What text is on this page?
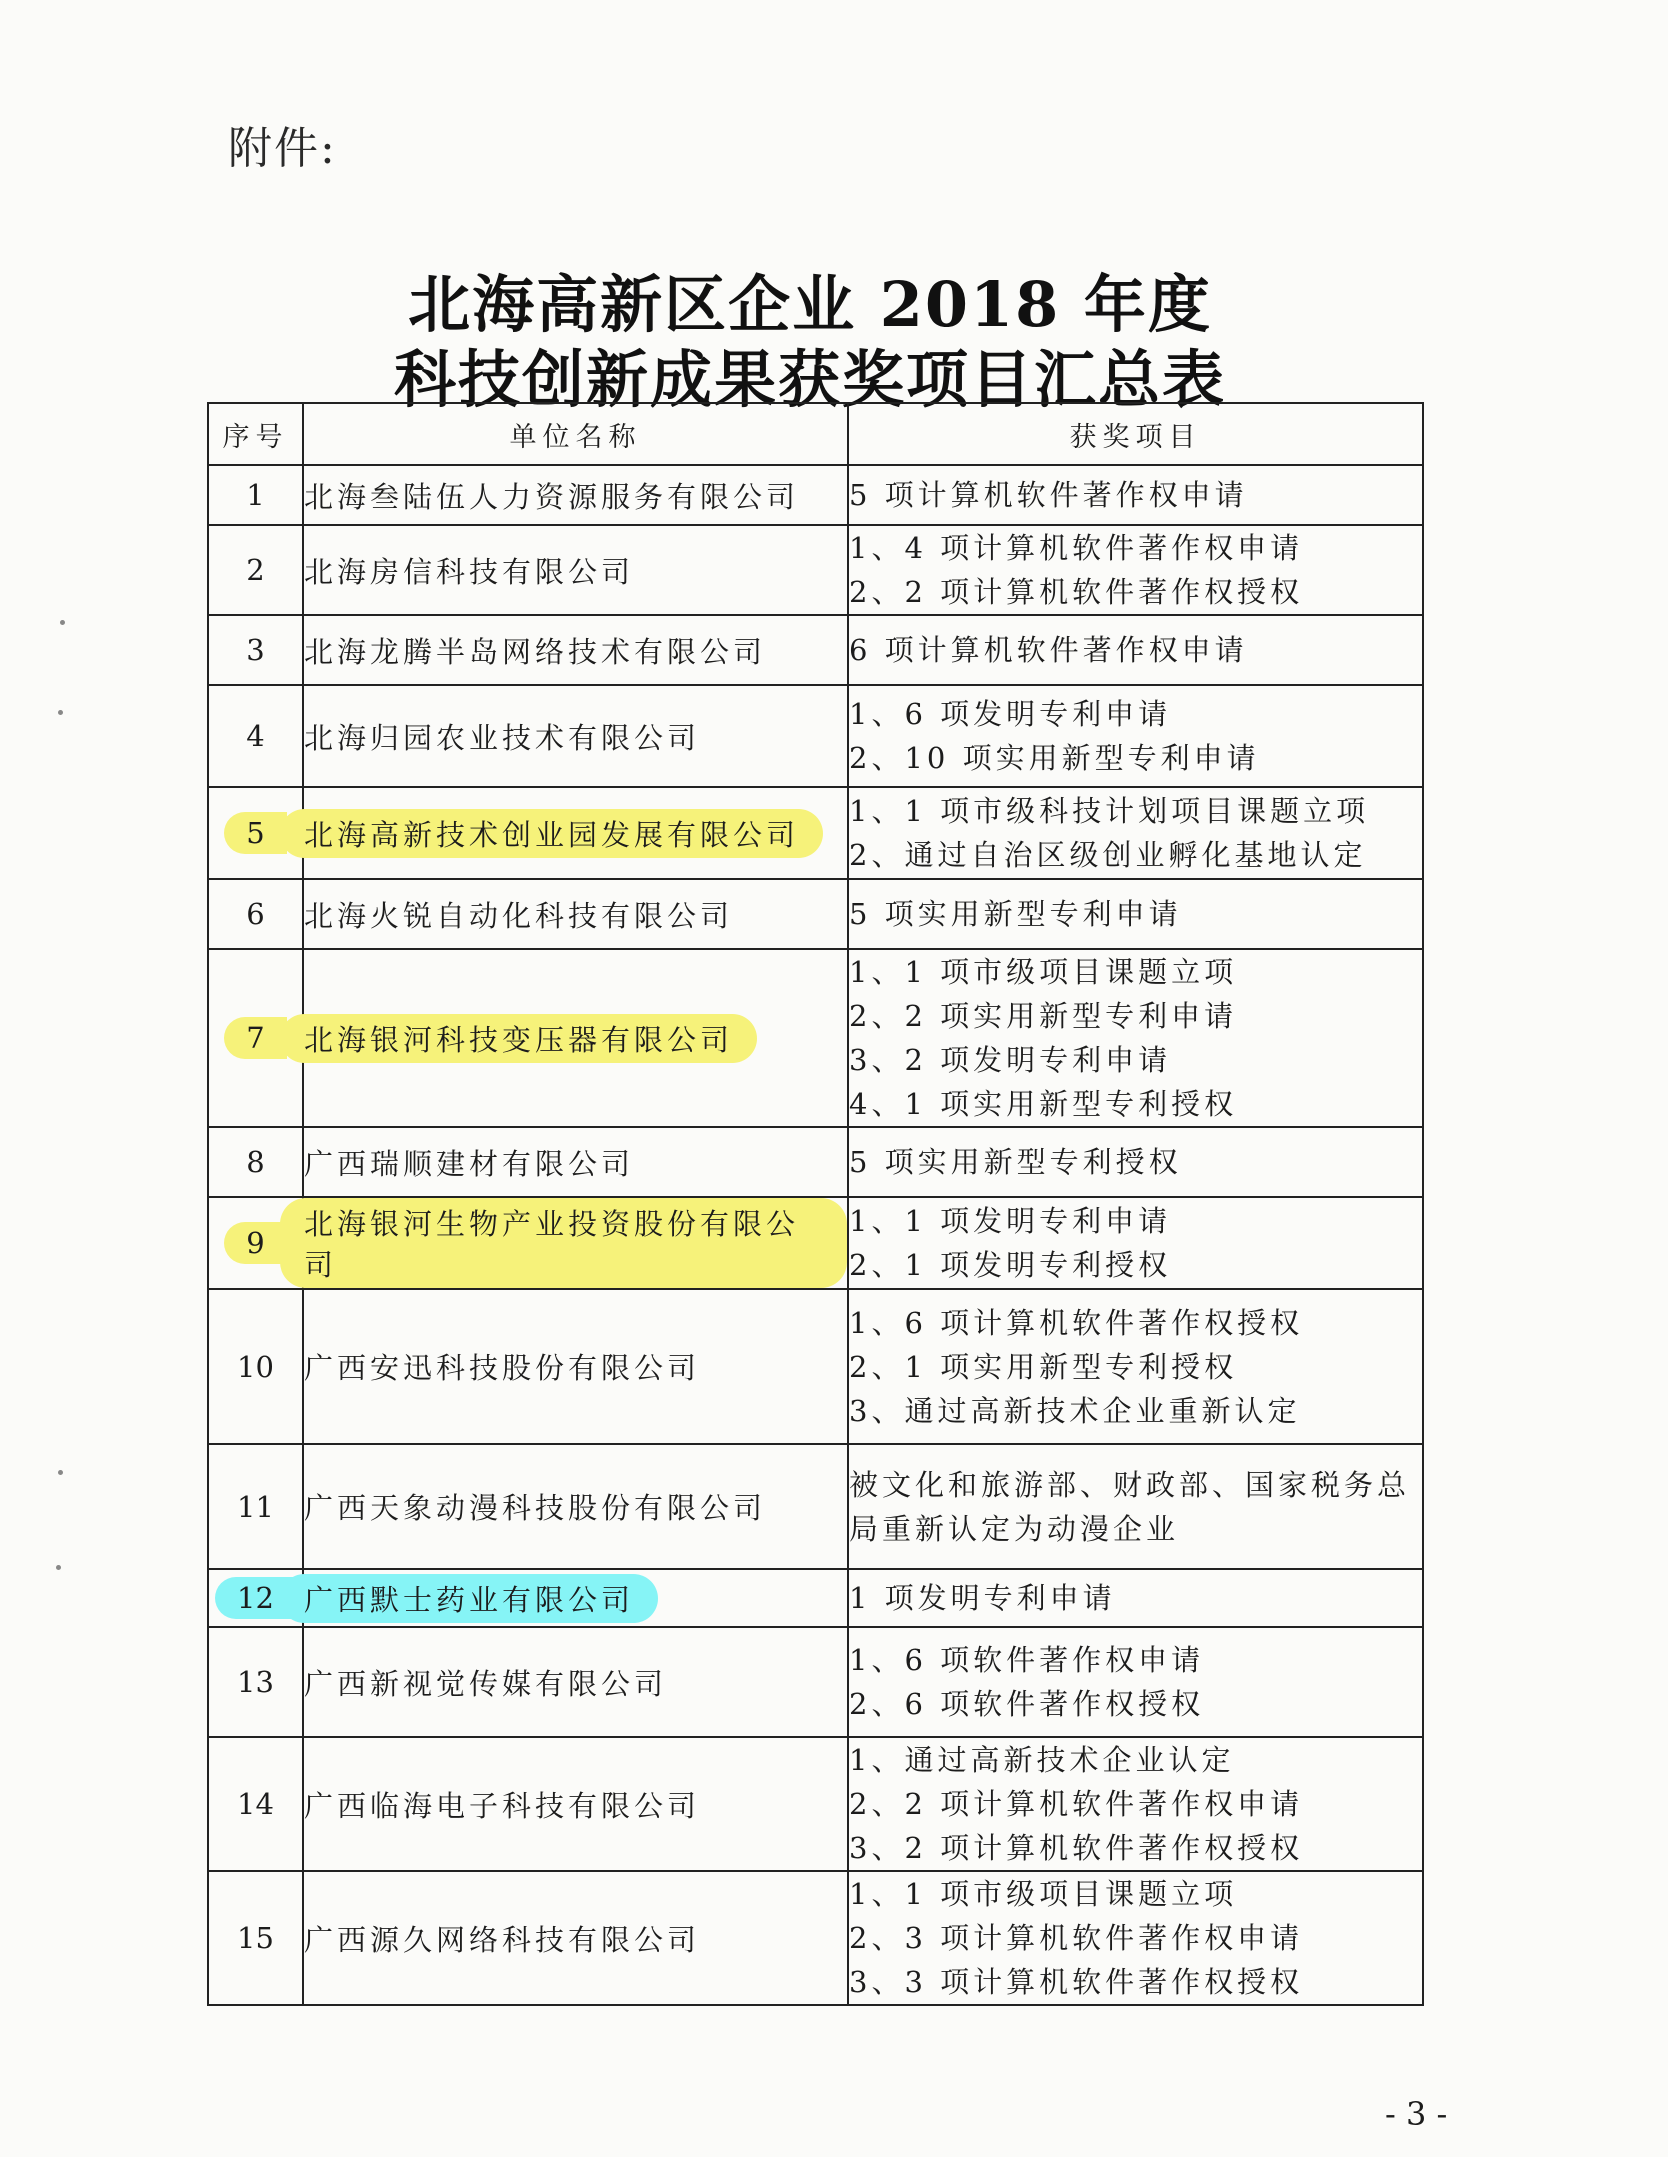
附件:
北海高新区企业 2018 年度
科技创新成果获奖项目汇总表
序号	单位名称	获奖项目
1	北海叁陆伍人力资源服务有限公司	5 项计算机软件著作权申请

2	北海房信科技有限公司	1、4 项计算机软件著作权申请
2、2 项计算机软件著作权授权

3	北海龙腾半岛网络技术有限公司	6 项计算机软件著作权申请

4	北海归园农业技术有限公司	1、6 项发明专利申请
2、10 项实用新型专利申请

5	北海高新技术创业园发展有限公司	1、1 项市级科技计划项目课题立项
2、通过自治区级创业孵化基地认定

6	北海火锐自动化科技有限公司	5 项实用新型专利申请

7	北海银河科技变压器有限公司	1、1 项市级项目课题立项
2、2 项实用新型专利申请
3、2 项发明专利申请
4、1 项实用新型专利授权

8	广西瑞顺建材有限公司	5 项实用新型专利授权

9	北海银河生物产业投资股份有限公司	1、1 项发明专利申请
2、1 项发明专利授权

10	广西安迅科技股份有限公司	1、6 项计算机软件著作权授权
2、1 项实用新型专利授权
3、通过高新技术企业重新认定

11	广西天象动漫科技股份有限公司	被文化和旅游部、财政部、国家税务总局重新认定为动漫企业

12	广西默士药业有限公司	1 项发明专利申请

13	广西新视觉传媒有限公司	1、6 项软件著作权申请
2、6 项软件著作权授权

14	广西临海电子科技有限公司	1、通过高新技术企业认定
2、2 项计算机软件著作权申请
3、2 项计算机软件著作权授权

15	广西源久网络科技有限公司	1、1 项市级项目课题立项
2、3 项计算机软件著作权申请
3、3 项计算机软件著作权授权
- 3 -
